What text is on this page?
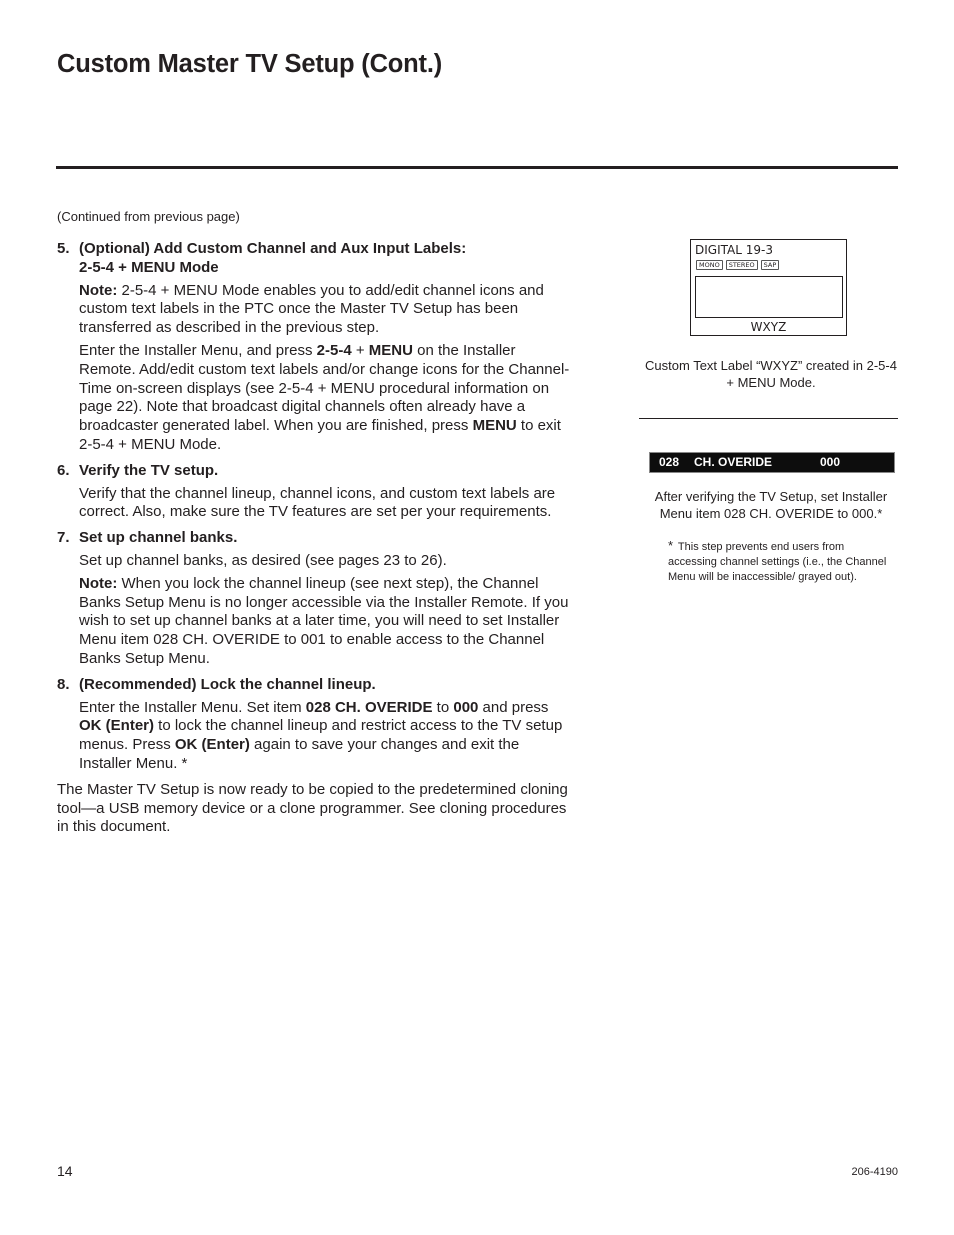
Custom Master TV Setup (Cont.)
(Continued from previous page)
5. (Optional) Add Custom Channel and Aux Input Labels:
2-5-4 + MENU Mode

Note: 2-5-4 + MENU Mode enables you to add/edit channel icons and custom text labels in the PTC once the Master TV Setup has been transferred as described in the previous step.

Enter the Installer Menu, and press 2-5-4 + MENU on the Installer Remote. Add/edit custom text labels and/or change icons for the Channel-Time on-screen displays (see 2-5-4 + MENU procedural information on page 22). Note that broadcast digital channels often already have a broadcaster generated label. When you are finished, press MENU to exit 2-5-4 + MENU Mode.

6. Verify the TV setup.

Verify that the channel lineup, channel icons, and custom text labels are correct. Also, make sure the TV features are set per your requirements.

7. Set up channel banks.

Set up channel banks, as desired (see pages 23 to 26).

Note: When you lock the channel lineup (see next step), the Channel Banks Setup Menu is no longer accessible via the Installer Remote. If you wish to set up channel banks at a later time, you will need to set Installer Menu item 028 CH. OVERIDE to 001 to enable access to the Channel Banks Setup Menu.

8. (Recommended) Lock the channel lineup.

Enter the Installer Menu. Set item 028 CH. OVERIDE to 000 and press OK (Enter) to lock the channel lineup and restrict access to the TV setup menus. Press OK (Enter) again to save your changes and exit the Installer Menu. *

The Master TV Setup is now ready to be copied to the predetermined cloning tool—a USB memory device or a clone programmer. See cloning procedures in this document.
DIGITAL 19-3
MONO	STEREO	SAP
WXYZ
Custom Text Label “WXYZ” created in 2-5-4 + MENU Mode.
028 CH. OVERIDE	000
After verifying the TV Setup, set Installer Menu item 028 CH. OVERIDE to 000.*
* This step prevents end users from accessing channel settings (i.e., the Channel Menu will be inaccessible/ grayed out).
14	206-4190
